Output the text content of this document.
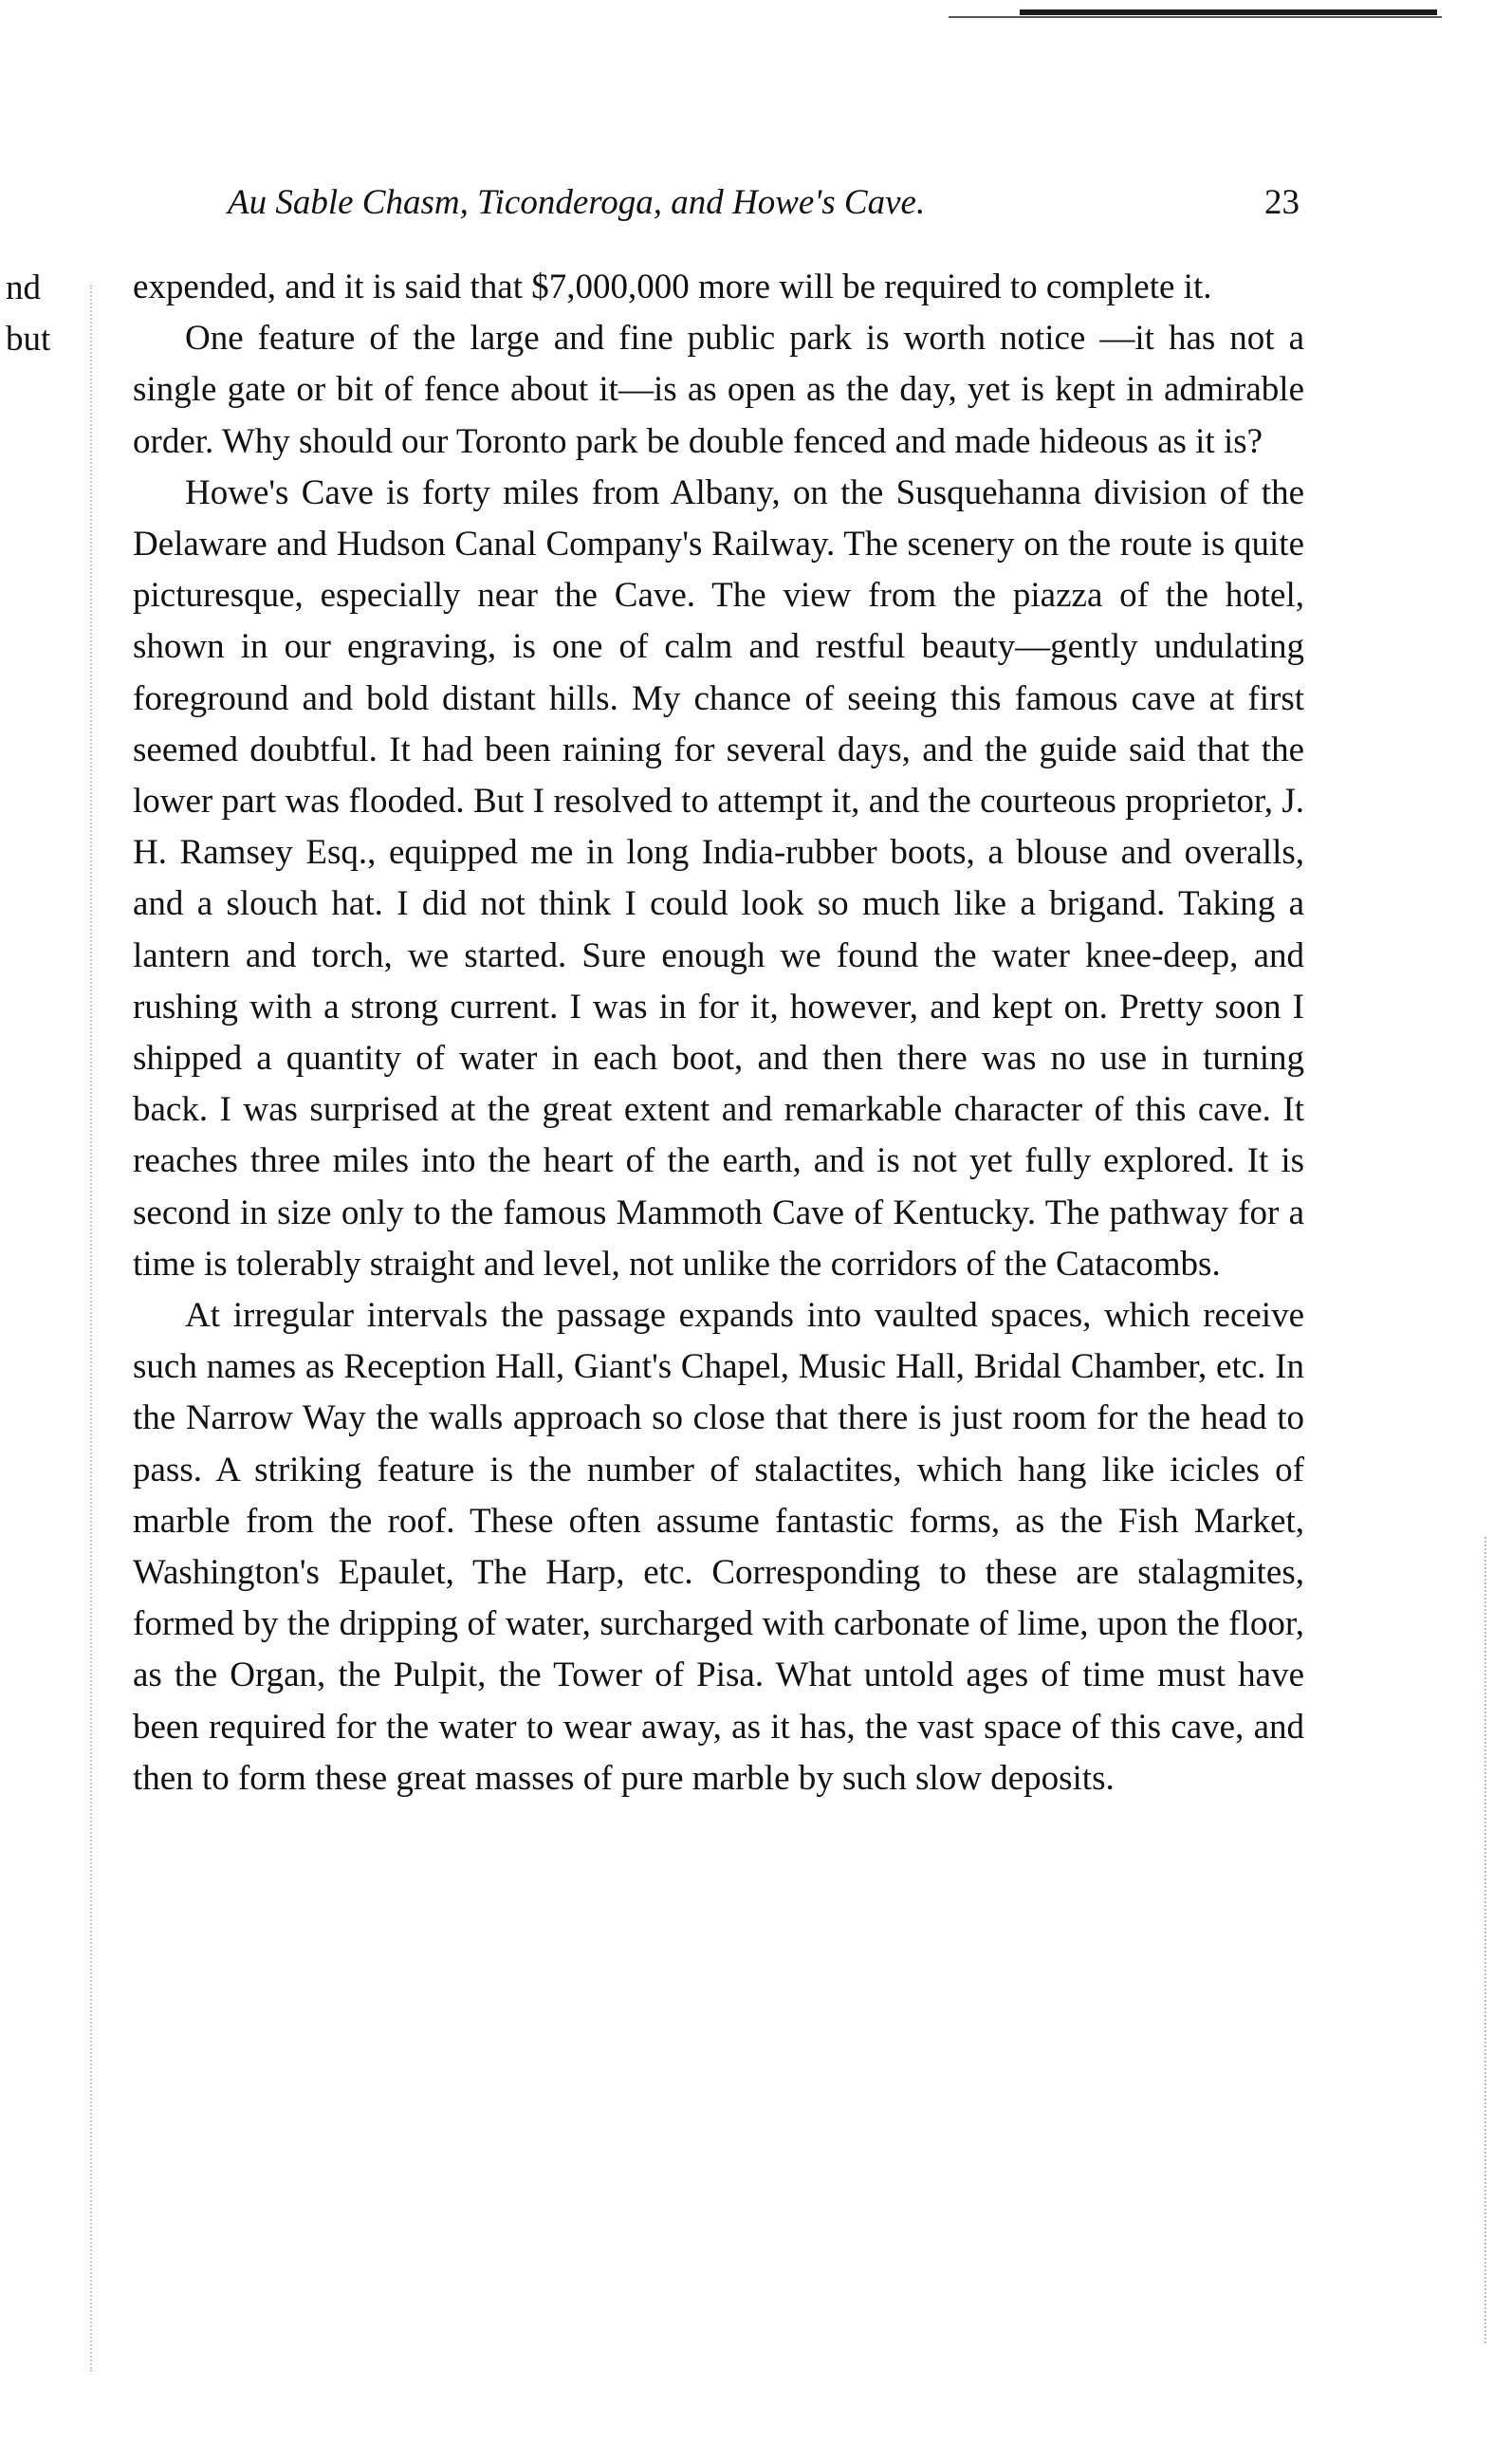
nd
but
Au Sable Chasm, Ticonderoga, and Howe's Cave.	23

expended, and it is said that $7,000,000 more will be required to complete it.

One feature of the large and fine public park is worth notice —it has not a single gate or bit of fence about it—is as open as the day, yet is kept in admirable order. Why should our Toronto park be double fenced and made hideous as it is?

Howe's Cave is forty miles from Albany, on the Susquehanna division of the Delaware and Hudson Canal Company's Railway. The scenery on the route is quite picturesque, especially near the Cave. The view from the piazza of the hotel, shown in our engraving, is one of calm and restful beauty—gently undulating foreground and bold distant hills. My chance of seeing this famous cave at first seemed doubtful. It had been raining for several days, and the guide said that the lower part was flooded. But I resolved to attempt it, and the courteous proprietor, J. H. Ramsey Esq., equipped me in long India-rubber boots, a blouse and overalls, and a slouch hat. I did not think I could look so much like a brigand. Taking a lantern and torch, we started. Sure enough we found the water knee-deep, and rushing with a strong current. I was in for it, however, and kept on. Pretty soon I shipped a quantity of water in each boot, and then there was no use in turning back. I was surprised at the great extent and remarkable character of this cave. It reaches three miles into the heart of the earth, and is not yet fully explored. It is second in size only to the famous Mammoth Cave of Kentucky. The pathway for a time is tolerably straight and level, not unlike the corridors of the Catacombs.

At irregular intervals the passage expands into vaulted spaces, which receive such names as Reception Hall, Giant's Chapel, Music Hall, Bridal Chamber, etc. In the Narrow Way the walls approach so close that there is just room for the head to pass. A striking feature is the number of stalactites, which hang like icicles of marble from the roof. These often assume fantastic forms, as the Fish Market, Washington's Epaulet, The Harp, etc. Corresponding to these are stalagmites, formed by the dripping of water, surcharged with carbonate of lime, upon the floor, as the Organ, the Pulpit, the Tower of Pisa. What untold ages of time must have been required for the water to wear away, as it has, the vast space of this cave, and then to form these great masses of pure marble by such slow deposits.
